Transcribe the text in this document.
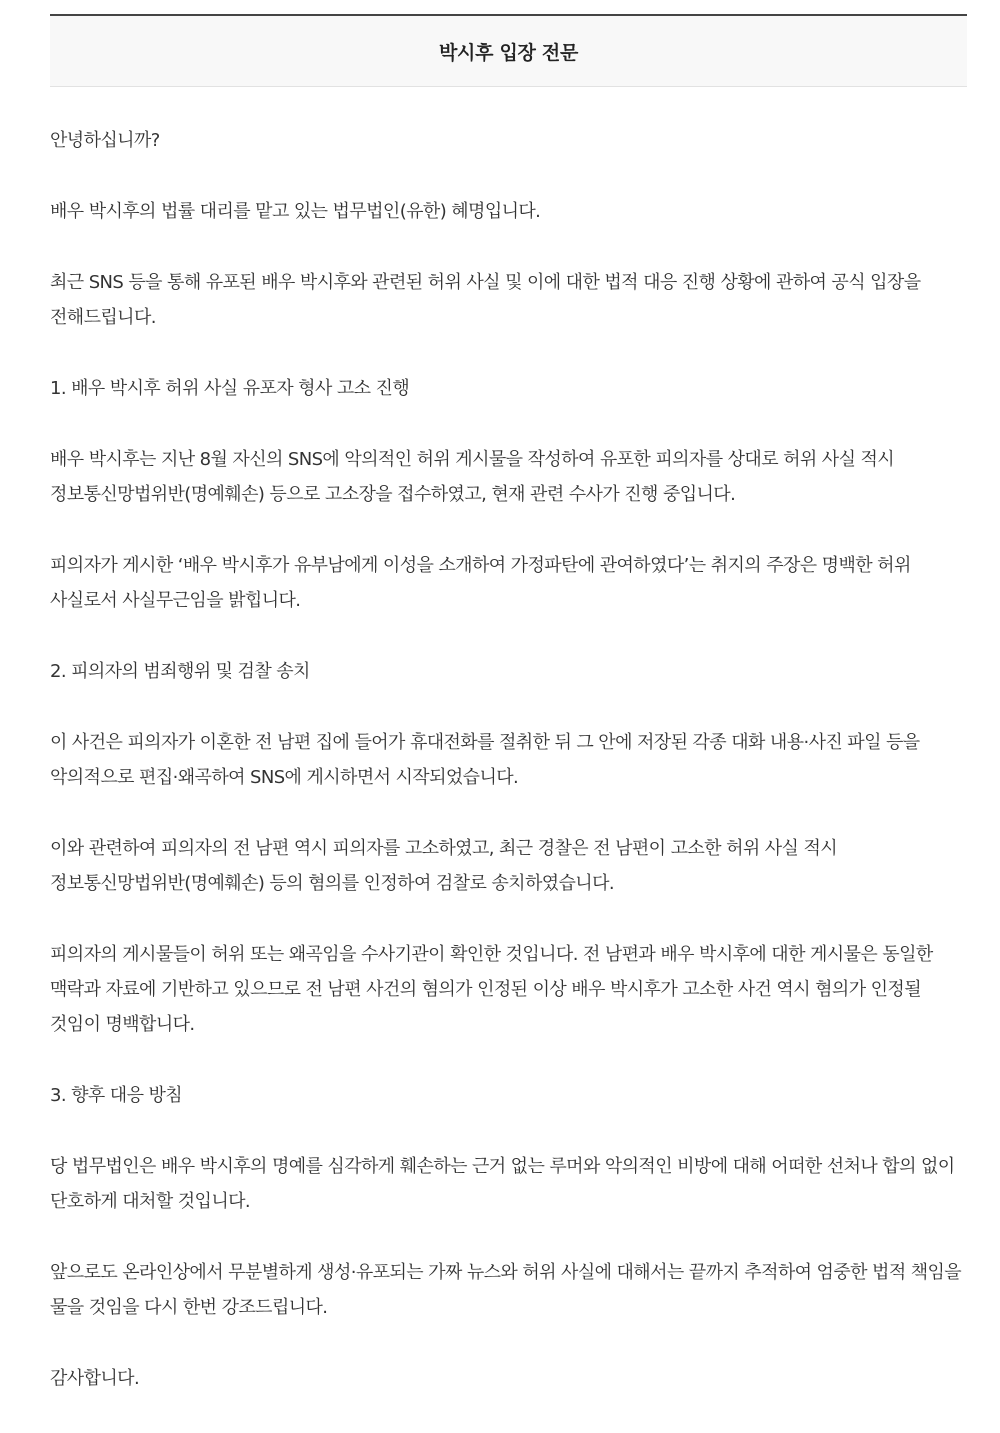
박시후 입장 전문

안녕하십니까?

배우 박시후의 법률 대리를 맡고 있는 법무법인(유한) 혜명입니다.

최근 SNS 등을 통해 유포된 배우 박시후와 관련된 허위 사실 및 이에 대한 법적 대응 진행 상황에 관하여 공식 입장을 전해드립니다.

1. 배우 박시후 허위 사실 유포자 형사 고소 진행

배우 박시후는 지난 8월 자신의 SNS에 악의적인 허위 게시물을 작성하여 유포한 피의자를 상대로 허위 사실 적시 정보통신망법위반(명예훼손) 등으로 고소장을 접수하였고, 현재 관련 수사가 진행 중입니다.

피의자가 게시한 ‘배우 박시후가 유부남에게 이성을 소개하여 가정파탄에 관여하였다’는 취지의 주장은 명백한 허위 사실로서 사실무근임을 밝힙니다.

2. 피의자의 범죄행위 및 검찰 송치

이 사건은 피의자가 이혼한 전 남편 집에 들어가 휴대전화를 절취한 뒤 그 안에 저장된 각종 대화 내용·사진 파일 등을 악의적으로 편집·왜곡하여 SNS에 게시하면서 시작되었습니다.

이와 관련하여 피의자의 전 남편 역시 피의자를 고소하였고, 최근 경찰은 전 남편이 고소한 허위 사실 적시 정보통신망법위반(명예훼손) 등의 혐의를 인정하여 검찰로 송치하였습니다.

피의자의 게시물들이 허위 또는 왜곡임을 수사기관이 확인한 것입니다. 전 남편과 배우 박시후에 대한 게시물은 동일한 맥락과 자료에 기반하고 있으므로 전 남편 사건의 혐의가 인정된 이상 배우 박시후가 고소한 사건 역시 혐의가 인정될 것임이 명백합니다.

3. 향후 대응 방침

당 법무법인은 배우 박시후의 명예를 심각하게 훼손하는 근거 없는 루머와 악의적인 비방에 대해 어떠한 선처나 합의 없이 단호하게 대처할 것입니다.

앞으로도 온라인상에서 무분별하게 생성·유포되는 가짜 뉴스와 허위 사실에 대해서는 끝까지 추적하여 엄중한 법적 책임을 물을 것임을 다시 한번 강조드립니다.

감사합니다.
